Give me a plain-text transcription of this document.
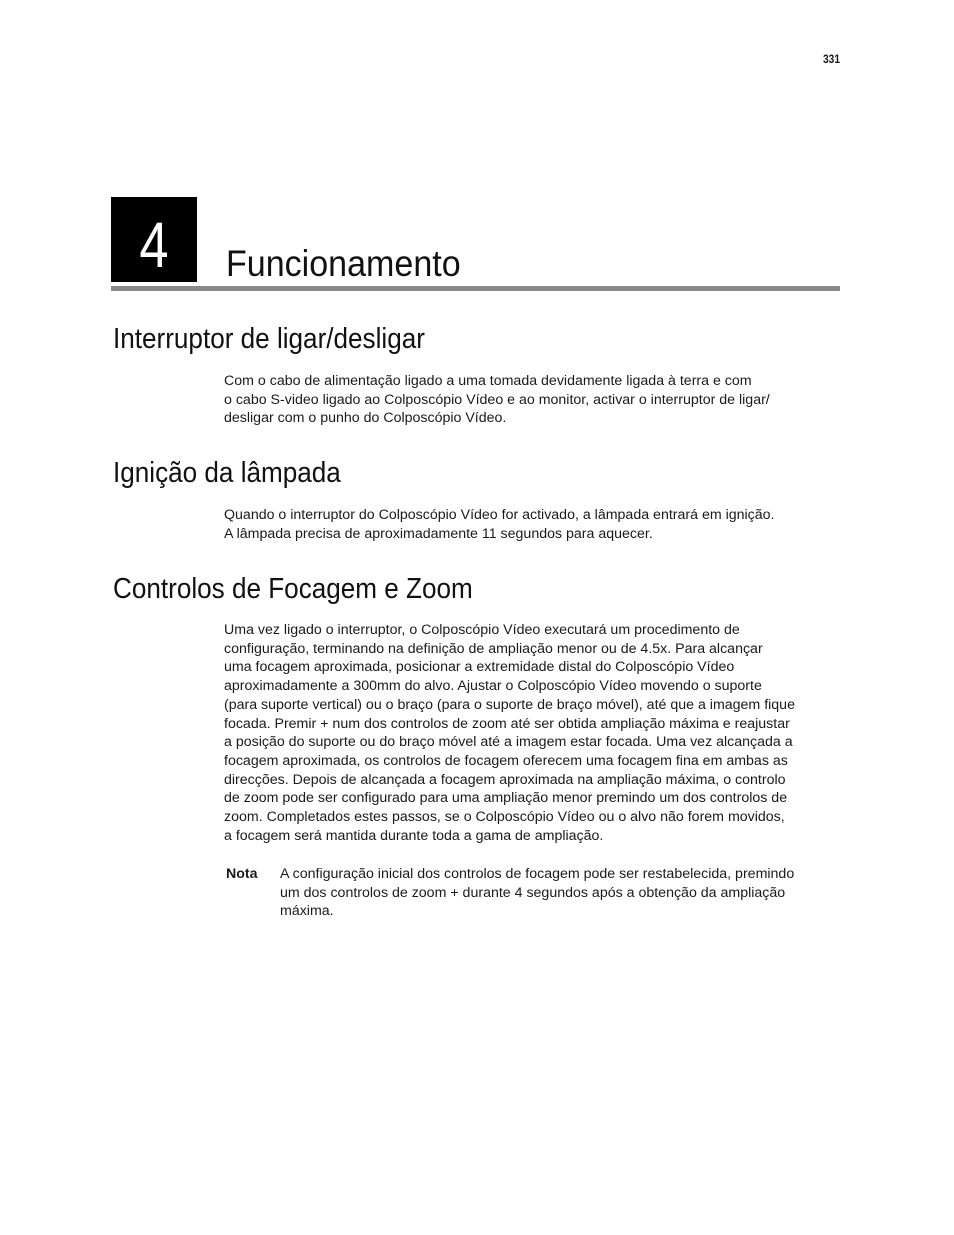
331
4	Funcionamento
Interruptor de ligar/desligar
Com o cabo de alimentação ligado a uma tomada devidamente ligada à terra e com
o cabo S-video ligado ao Colposcópio Vídeo e ao monitor, activar o interruptor de ligar/
desligar com o punho do Colposcópio Vídeo.
Ignição da lâmpada
Quando o interruptor do Colposcópio Vídeo for activado, a lâmpada entrará em ignição.
A lâmpada precisa de aproximadamente 11 segundos para aquecer.
Controlos de Focagem e Zoom
Uma vez ligado o interruptor, o Colposcópio Vídeo executará um procedimento de
configuração, terminando na definição de ampliação menor ou de 4.5x. Para alcançar
uma focagem aproximada, posicionar a extremidade distal do Colposcópio Vídeo
aproximadamente a 300mm do alvo. Ajustar o Colposcópio Vídeo movendo o suporte
(para suporte vertical) ou o braço (para o suporte de braço móvel), até que a imagem fique
focada. Premir + num dos controlos de zoom até ser obtida ampliação máxima e reajustar
a posição do suporte ou do braço móvel até a imagem estar focada. Uma vez alcançada a
focagem aproximada, os controlos de focagem oferecem uma focagem fina em ambas as
direcções. Depois de alcançada a focagem aproximada na ampliação máxima, o controlo
de zoom pode ser configurado para uma ampliação menor premindo um dos controlos de
zoom. Completados estes passos, se o Colposcópio Vídeo ou o alvo não forem movidos,
a focagem será mantida durante toda a gama de ampliação.
Nota A configuração inicial dos controlos de focagem pode ser restabelecida, premindo
um dos controlos de zoom + durante 4 segundos após a obtenção da ampliação
máxima.
